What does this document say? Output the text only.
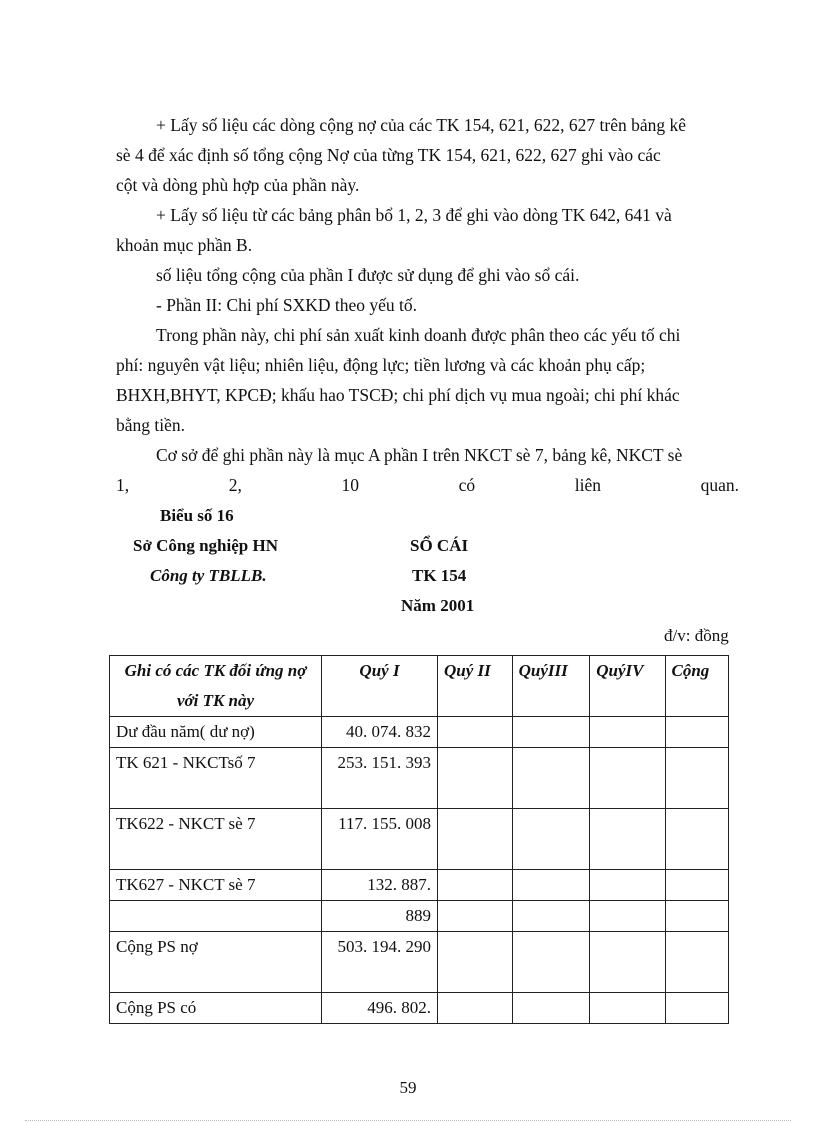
+ Lấy số liệu các dòng cộng nợ của các TK 154, 621, 622, 627 trên bảng kê
sè 4 để xác định số tổng cộng Nợ của từng TK 154, 621, 622, 627 ghi vào các
cột và dòng phù hợp của phần này.

+ Lấy số liệu từ các bảng phân bổ 1, 2, 3 để ghi vào dòng TK 642, 641 và
khoản mục phần B.

số liệu tổng cộng của phần I được sử dụng để ghi vào sổ cái.

- Phần II: Chi phí SXKD theo yếu tố.

Trong phần này, chi phí sản xuất kinh doanh được phân theo các yếu tố chi
phí: nguyên vật liệu; nhiên liệu, động lực; tiền lương và các khoản phụ cấp;
BHXH,BHYT, KPCĐ; khấu hao TSCĐ; chi phí dịch vụ mua ngoài; chi phí khác
bằng tiền.

Cơ sở để ghi phần này là mục A phần I trên NKCT sè 7, bảng kê, NKCT sè

1,	2,	10	có	liên	quan.
Biểu số 16
Sở Công nghiệp HN	SỔ CÁI
Công ty TBLLB.	TK 154
Năm 2001
đ/v: đồng
Ghi có các TK đối ứng nợ với TK này	Quý I	Quý II	QuýIII	QuýIV	Cộng
Dư đầu năm( dư nợ)	40. 074. 832				
TK 621 - NKCTsố 7	253. 151. 393				
TK622 - NKCT sè 7	117. 155. 008				
TK627 - NKCT sè 7	132. 887.				
	889				
Cộng PS nợ	503. 194. 290				
Cộng PS có	496. 802.				
59
